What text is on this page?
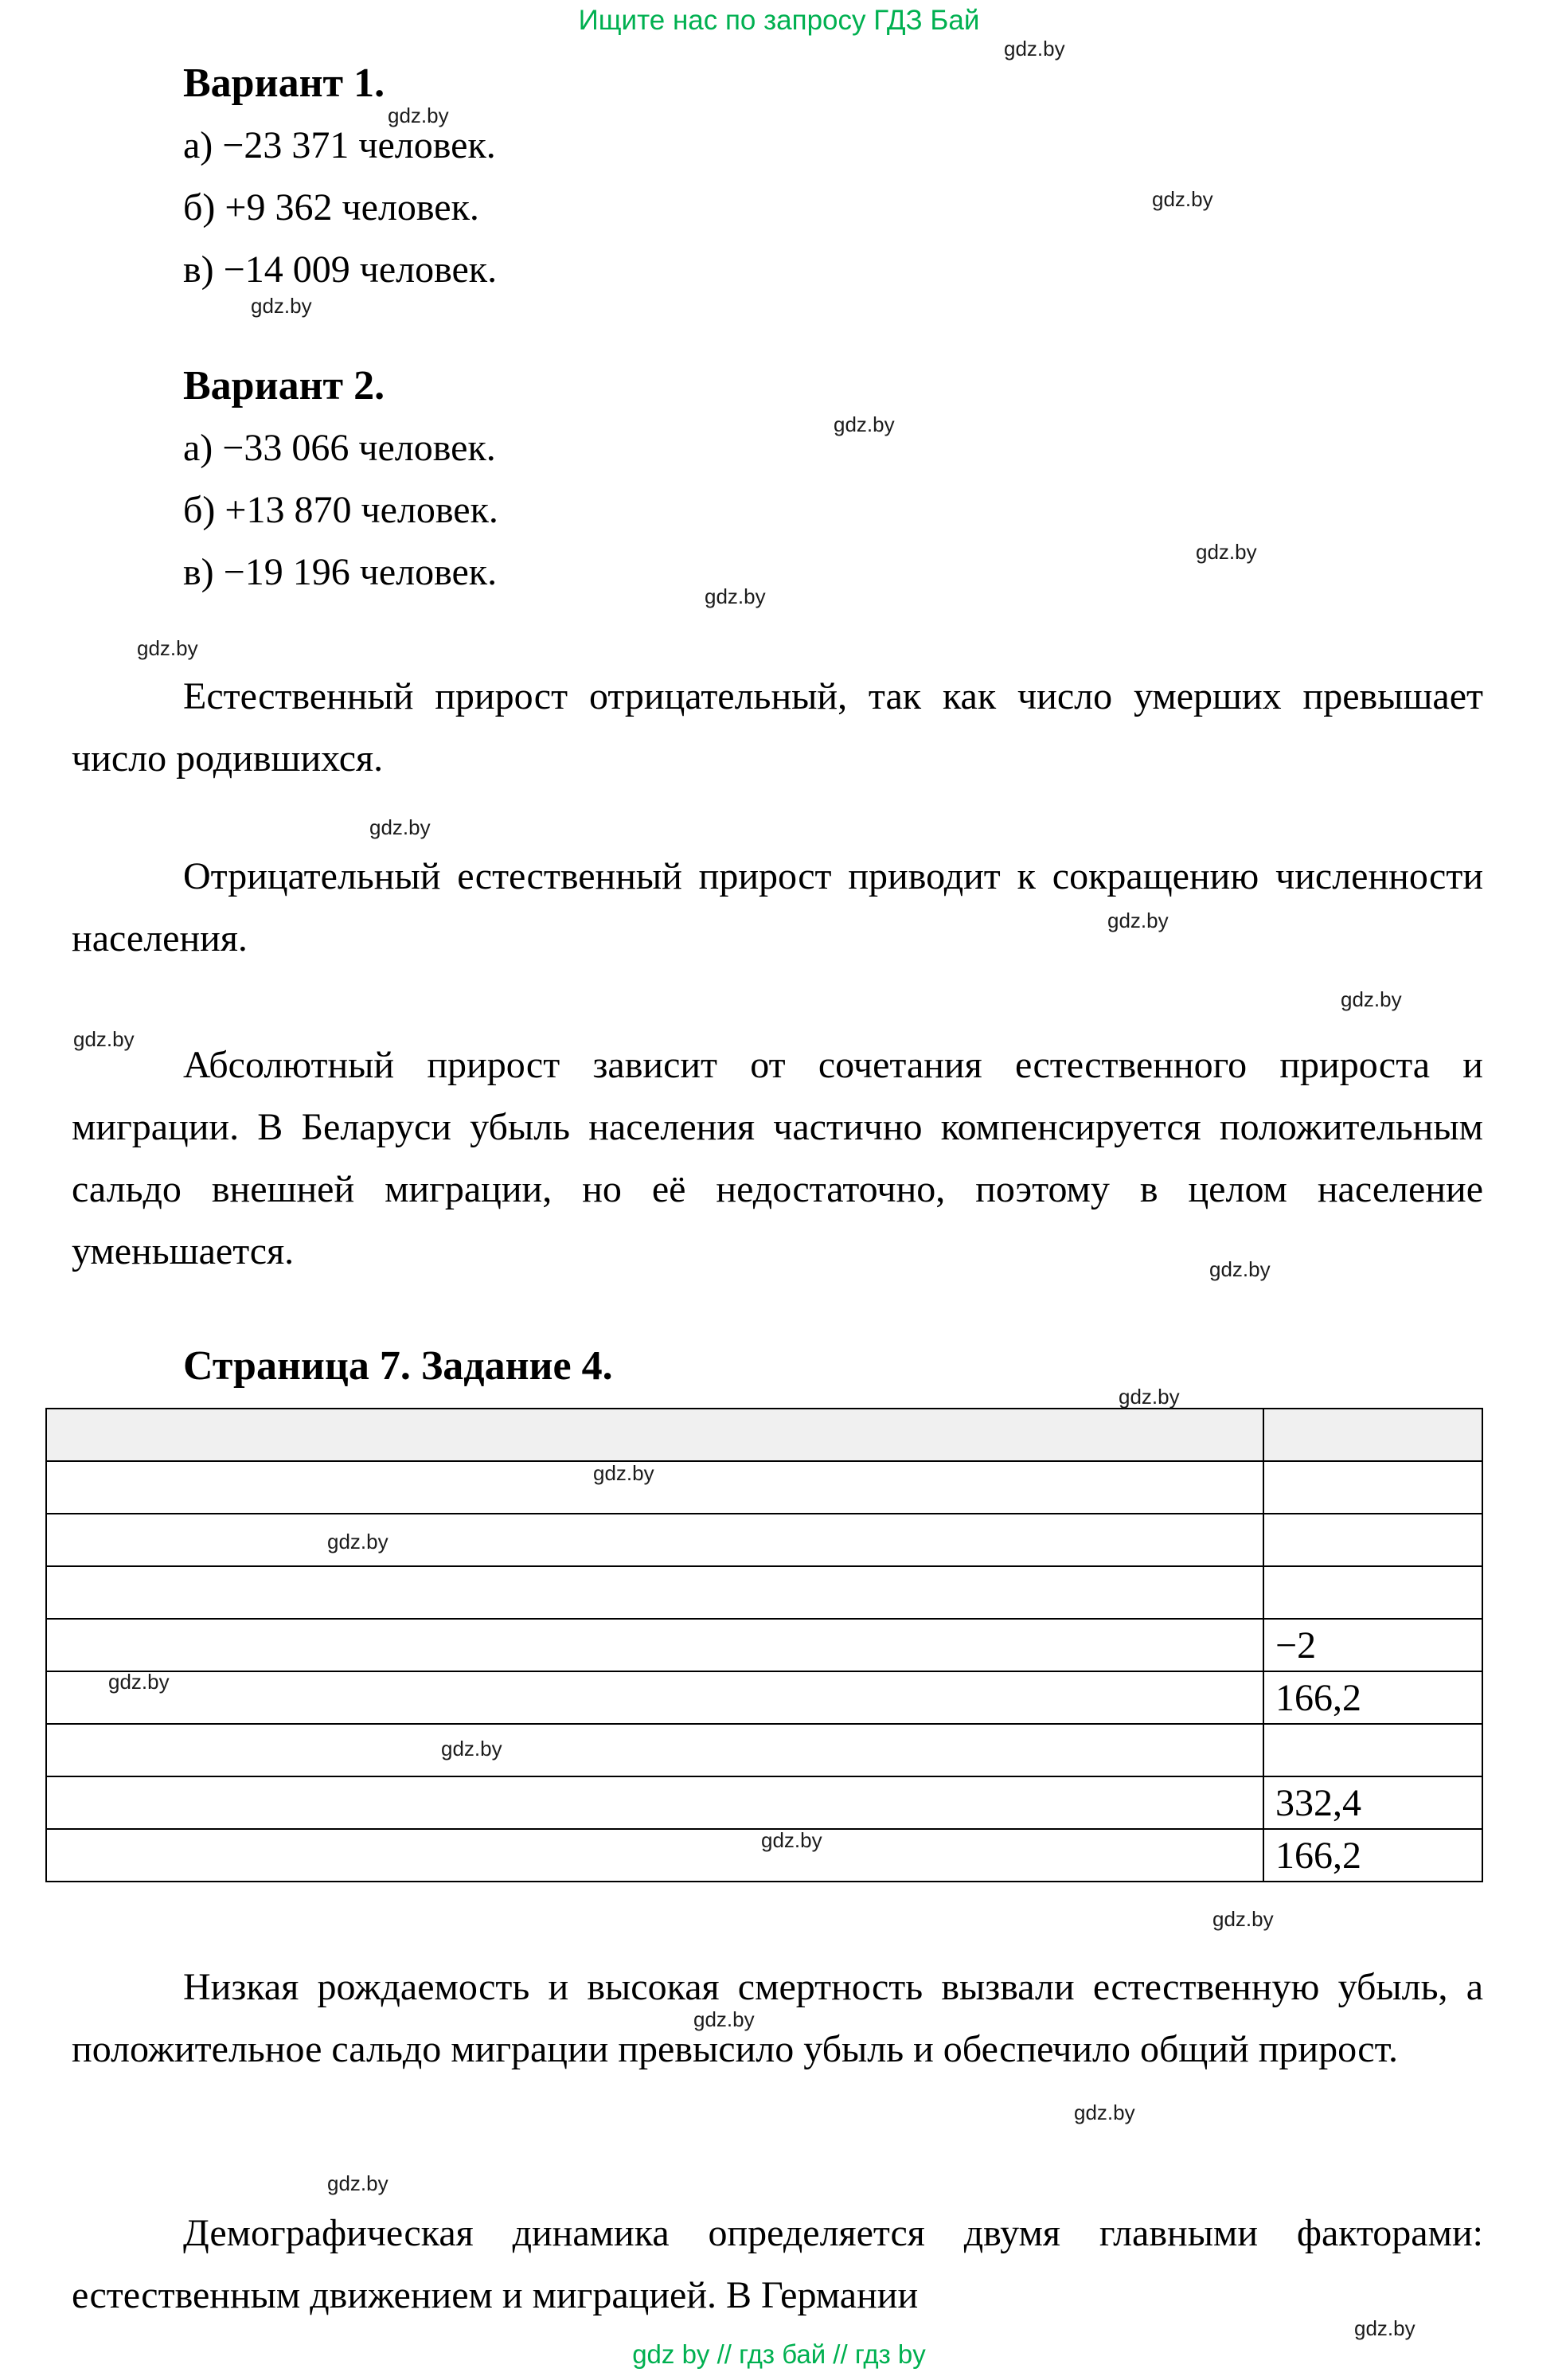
Ищите нас по запросу ГДЗ Бай
Вариант 1.
а) −23 371 человек.
б) +9 362 человек.
в) −14 009 человек.
Вариант 2.
а) −33 066 человек.
б) +13 870 человек.
в) −19 196 человек.

Естественный прирост отрицательный, так как число умерших превышает число родившихся.

Отрицательный естественный прирост приводит к сокращению численности населения.

Абсолютный прирост зависит от сочетания естественного прироста и миграции. В Беларуси убыль населения частично компенсируется положительным сальдо внешней миграции, но её недостаточно, поэтому в целом население уменьшается.

Страница 7. Задание 4.

	−2
	166,2

	332,4
	166,2

Низкая рождаемость и высокая смертность вызвали естественную убыль, а положительное сальдо миграции превысило убыль и обеспечило общий прирост.

Демографическая динамика определяется двумя главными факторами: естественным движением и миграцией. В Германии

gdz by // гдз бай // гдз by
gdz.by
gdz.by
gdz.by
gdz.by
gdz.by
gdz.by
gdz.by
gdz.by
gdz.by
gdz.by
gdz.by
gdz.by
gdz.by
gdz.by
gdz.by
gdz.by
gdz.by
gdz.by
gdz.by
gdz.by
gdz.by
gdz.by
gdz.by
gdz.by
